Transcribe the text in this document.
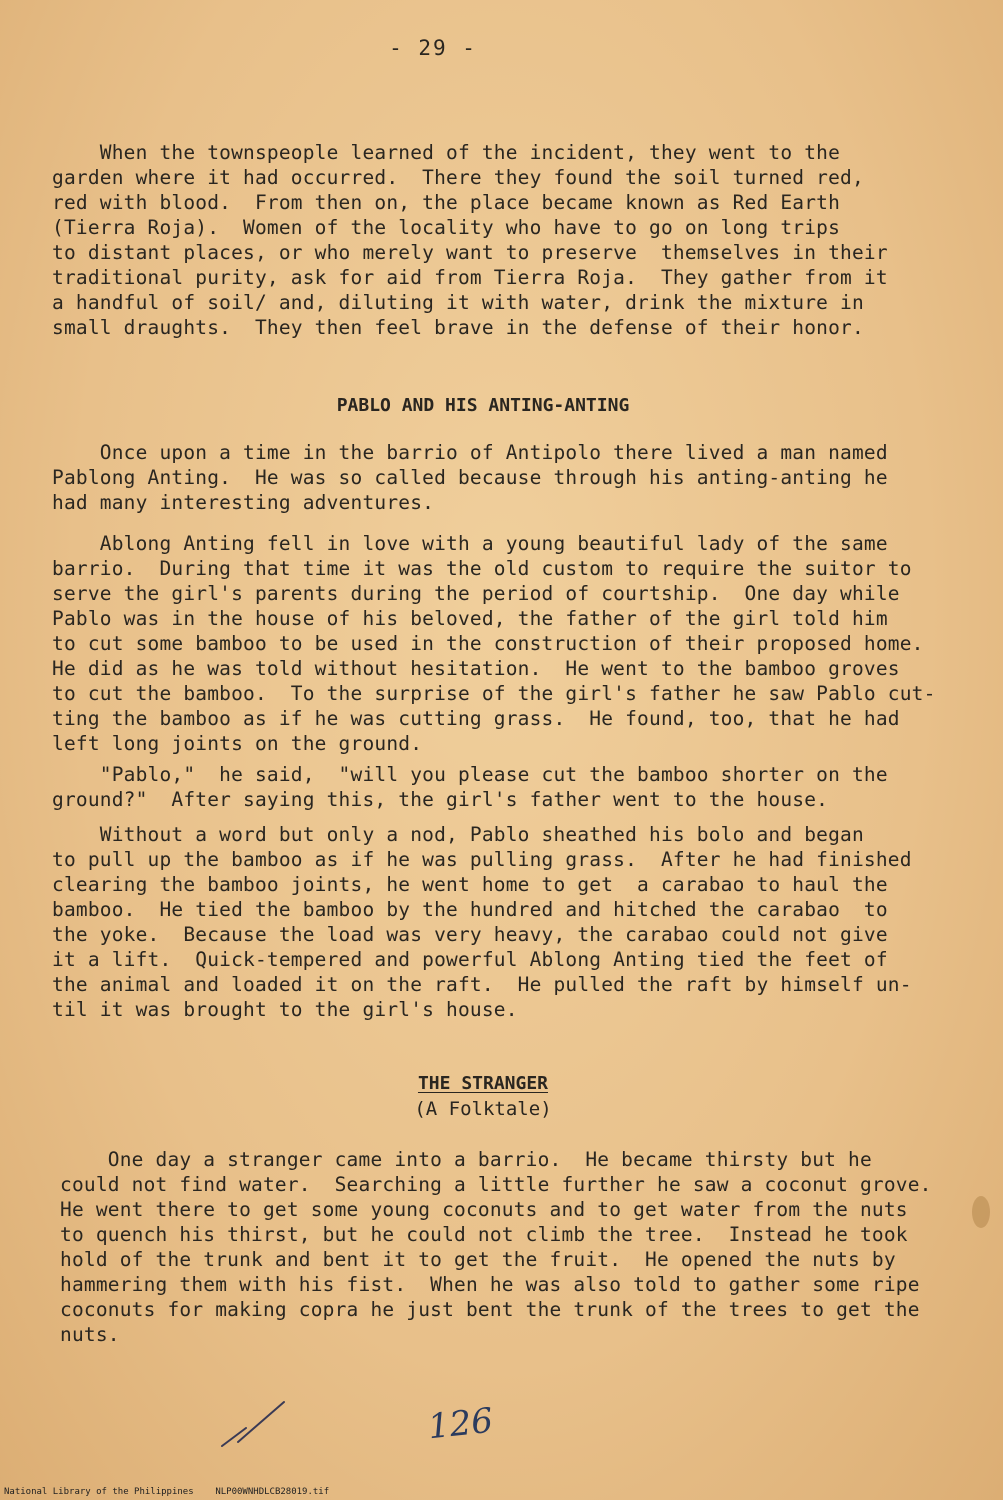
- 29 -

When the townspeople learned of the incident, they went to the
garden where it had occurred.  There they found the soil turned red,
red with blood.  From then on, the place became known as Red Earth
(Tierra Roja).  Women of the locality who have to go on long trips
to distant places, or who merely want to preserve  themselves in their
traditional purity, ask for aid from Tierra Roja.  They gather from it
a handful of soil/ and, diluting it with water, drink the mixture in
small draughts.  They then feel brave in the defense of their honor.

PABLO AND HIS ANTING-ANTING

Once upon a time in the barrio of Antipolo there lived a man named
Pablong Anting.  He was so called because through his anting-anting he
had many interesting adventures.

Ablong Anting fell in love with a young beautiful lady of the same
barrio.  During that time it was the old custom to require the suitor to
serve the girl's parents during the period of courtship.  One day while
Pablo was in the house of his beloved, the father of the girl told him
to cut some bamboo to be used in the construction of their proposed home.
He did as he was told without hesitation.  He went to the bamboo groves
to cut the bamboo.  To the surprise of the girl's father he saw Pablo cut-
ting the bamboo as if he was cutting grass.  He found, too, that he had
left long joints on the ground.

"Pablo,"  he said,  "will you please cut the bamboo shorter on the
ground?"  After saying this, the girl's father went to the house.

Without a word but only a nod, Pablo sheathed his bolo and began
to pull up the bamboo as if he was pulling grass.  After he had finished
clearing the bamboo joints, he went home to get  a carabao to haul the
bamboo.  He tied the bamboo by the hundred and hitched the carabao  to
the yoke.  Because the load was very heavy, the carabao could not give
it a lift.  Quick-tempered and powerful Ablong Anting tied the feet of
the animal and loaded it on the raft.  He pulled the raft by himself un-
til it was brought to the girl's house.

THE STRANGER
(A Folktale)

One day a stranger came into a barrio.  He became thirsty but he
could not find water.  Searching a little further he saw a coconut grove.
He went there to get some young coconuts and to get water from the nuts
to quench his thirst, but he could not climb the tree.  Instead he took
hold of the trunk and bent it to get the fruit.  He opened the nuts by
hammering them with his fist.  When he was also told to gather some ripe
coconuts for making copra he just bent the trunk of the trees to get the
nuts.

126
National Library of the Philippines NLP00WNHDLCB28019.tif
